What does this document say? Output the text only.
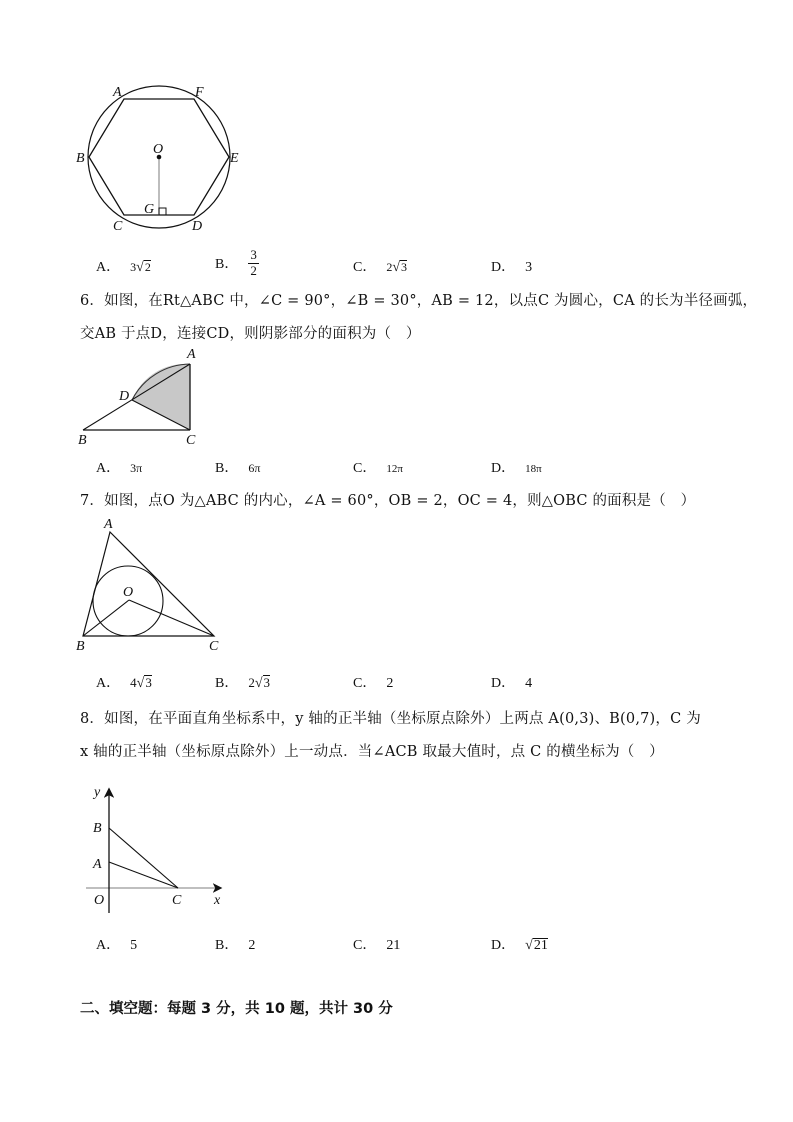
A	F
B	E
O
G
C	D
A． 3√2	B． $\frac{3}{2}$	C． 2√3	D． 3
6．如图，在Rt△ABC 中，∠C = 90°，∠B = 30°，AB = 12，以点C 为圆心，CA 的长为半径画弧，
交AB 于点D，连接CD，则阴影部分的面积为（　）
A
D
B	C
A． 3π	B． 6π	C． 12π	D． 18π
7．如图，点O 为△ABC 的内心，∠A = 60°，OB = 2，OC = 4，则△OBC 的面积是（　）
A
O
B	C
A． 4√3	B． 2√3	C． 2	D． 4
8．如图，在平面直角坐标系中，y 轴的正半轴（坐标原点除外）上两点 A(0,3)、B(0,7)，C 为
x 轴的正半轴（坐标原点除外）上一动点．当∠ACB 取最大值时，点 C 的横坐标为（　）
y
B
A
O	C x
A． 5	B． 2	C． 21	D． √21
二、填空题：每题 3 分，共 10 题，共计 30 分
